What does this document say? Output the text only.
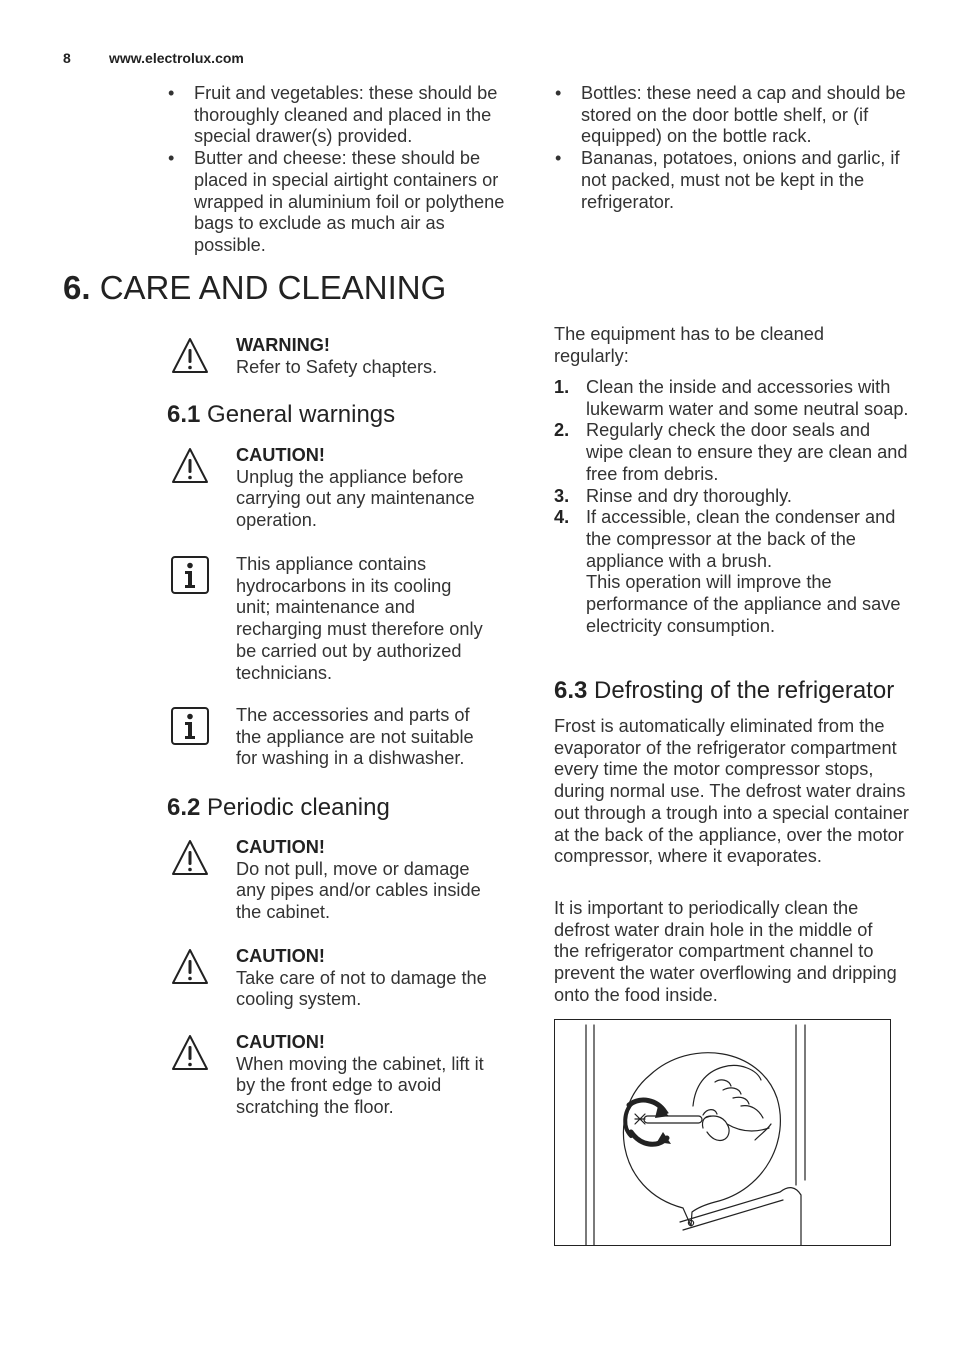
8	www.electrolux.com
• Fruit and vegetables: these should be thoroughly cleaned and placed in the special drawer(s) provided.
• Butter and cheese: these should be placed in special airtight containers or wrapped in aluminium foil or polythene bags to exclude as much air as possible.
• Bottles: these need a cap and should be stored on the door bottle shelf, or (if equipped) on the bottle rack.
• Bananas, potatoes, onions and garlic, if not packed, must not be kept in the refrigerator.
6. CARE AND CLEANING
WARNING!
Refer to Safety chapters.
6.1 General warnings
CAUTION!
Unplug the appliance before carrying out any maintenance operation.
This appliance contains hydrocarbons in its cooling unit; maintenance and recharging must therefore only be carried out by authorized technicians.
The accessories and parts of the appliance are not suitable for washing in a dishwasher.
6.2 Periodic cleaning
CAUTION!
Do not pull, move or damage any pipes and/or cables inside the cabinet.
CAUTION!
Take care of not to damage the cooling system.
CAUTION!
When moving the cabinet, lift it by the front edge to avoid scratching the floor.
The equipment has to be cleaned regularly:
1. Clean the inside and accessories with lukewarm water and some neutral soap.
2. Regularly check the door seals and wipe clean to ensure they are clean and free from debris.
3. Rinse and dry thoroughly.
4. If accessible, clean the condenser and the compressor at the back of the appliance with a brush.
This operation will improve the performance of the appliance and save electricity consumption.
6.3 Defrosting of the refrigerator
Frost is automatically eliminated from the evaporator of the refrigerator compartment every time the motor compressor stops, during normal use. The defrost water drains out through a trough into a special container at the back of the appliance, over the motor compressor, where it evaporates.
It is important to periodically clean the defrost water drain hole in the middle of the refrigerator compartment channel to prevent the water overflowing and dripping onto the food inside.
